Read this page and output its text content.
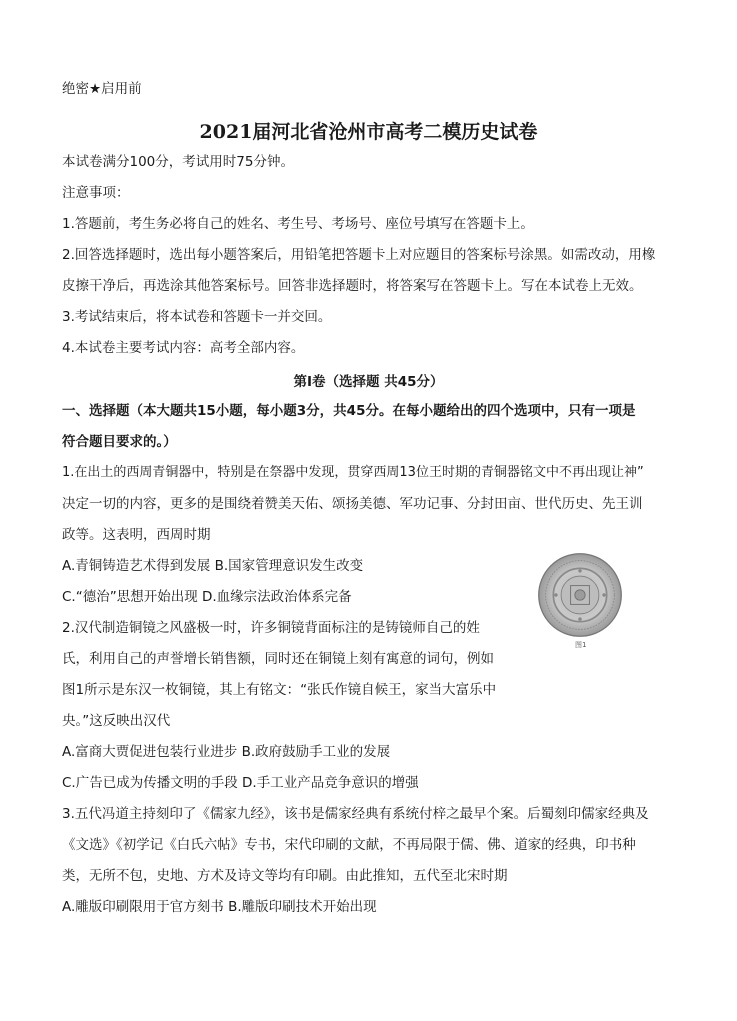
绝密★启用前
2021届河北省沧州市高考二模历史试卷
本试卷满分100分，考试用时75分钟。
注意事项：
1.答题前，考生务必将自己的姓名、考生号、考场号、座位号填写在答题卡上。
2.回答选择题时，选出每小题答案后，用铅笔把答题卡上对应题目的答案标号涂黑。如需改动，用橡
皮擦干净后，再选涂其他答案标号。回答非选择题时，将答案写在答题卡上。写在本试卷上无效。
3.考试结束后，将本试卷和答题卡一并交回。
4.本试卷主要考试内容：高考全部内容。
第Ⅰ卷（选择题 共45分）
一、选择题（本大题共15小题，每小题3分，共45分。在每小题给出的四个选项中，只有一项是
符合题目要求的。）
1.在出土的西周青铜器中，特别是在祭器中发现，贯穿西周13位王时期的青铜器铭文中不再出现让神”
决定一切的内容，更多的是围绕着赞美天佑、颂扬美德、军功记事、分封田亩、世代历史、先王训
政等。这表明，西周时期
A.青铜铸造艺术得到发展 B.国家管理意识发生改变
C.“德治”思想开始出现 D.血缘宗法政治体系完备
2.汉代制造铜镜之风盛极一时，许多铜镜背面标注的是铸镜师自己的姓
氏，利用自己的声誉增长销售额，同时还在铜镜上刻有寓意的词句，例如
图1所示是东汉一枚铜镜，其上有铭文：“张氏作镜自候王，家当大富乐中
央。”这反映出汉代
A.富商大贾促进包装行业进步 B.政府鼓励手工业的发展
C.广告已成为传播文明的手段 D.手工业产品竞争意识的增强
3.五代冯道主持刻印了《儒家九经》，该书是儒家经典有系统付梓之最早个案。后蜀刻印儒家经典及
《文选》《初学记《白氏六帖》专书，宋代印刷的文献，不再局限于儒、佛、道家的经典，印书种
类，无所不包，史地、方术及诗文等均有印刷。由此推知，五代至北宋时期
A.雕版印刷限用于官方刻书 B.雕版印刷技术开始出现
图1
